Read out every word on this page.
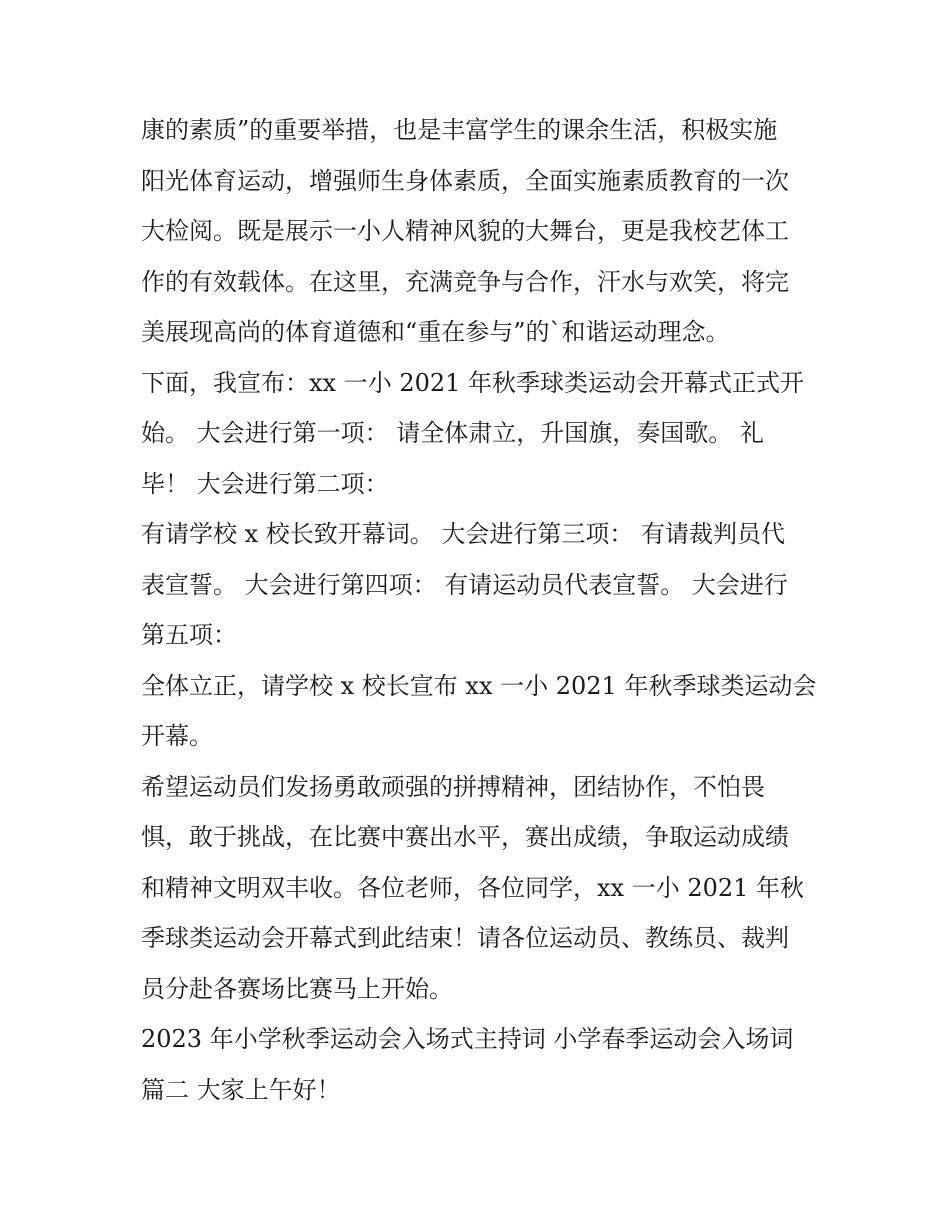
康的素质”的重要举措，也是丰富学生的课余生活，积极实施
阳光体育运动，增强师生身体素质，全面实施素质教育的一次
大检阅。既是展示一小人精神风貌的大舞台，更是我校艺体工
作的有效载体。在这里，充满竞争与合作，汗水与欢笑，将完
美展现高尚的体育道德和“重在参与”的`和谐运动理念。

下面，我宣布：xx 一小 2021 年秋季球类运动会开幕式正式开
始。 大会进行第一项： 请全体肃立，升国旗，奏国歌。 礼
毕！ 大会进行第二项：

有请学校 x 校长致开幕词。 大会进行第三项： 有请裁判员代
表宣誓。 大会进行第四项： 有请运动员代表宣誓。 大会进行
第五项：

全体立正，请学校 x 校长宣布 xx 一小 2021 年秋季球类运动会
开幕。

希望运动员们发扬勇敢顽强的拼搏精神，团结协作，不怕畏
惧，敢于挑战，在比赛中赛出水平，赛出成绩，争取运动成绩
和精神文明双丰收。各位老师，各位同学，xx 一小 2021 年秋
季球类运动会开幕式到此结束！请各位运动员、教练员、裁判
员分赴各赛场比赛马上开始。

2023 年小学秋季运动会入场式主持词 小学春季运动会入场词
篇二 大家上午好！
